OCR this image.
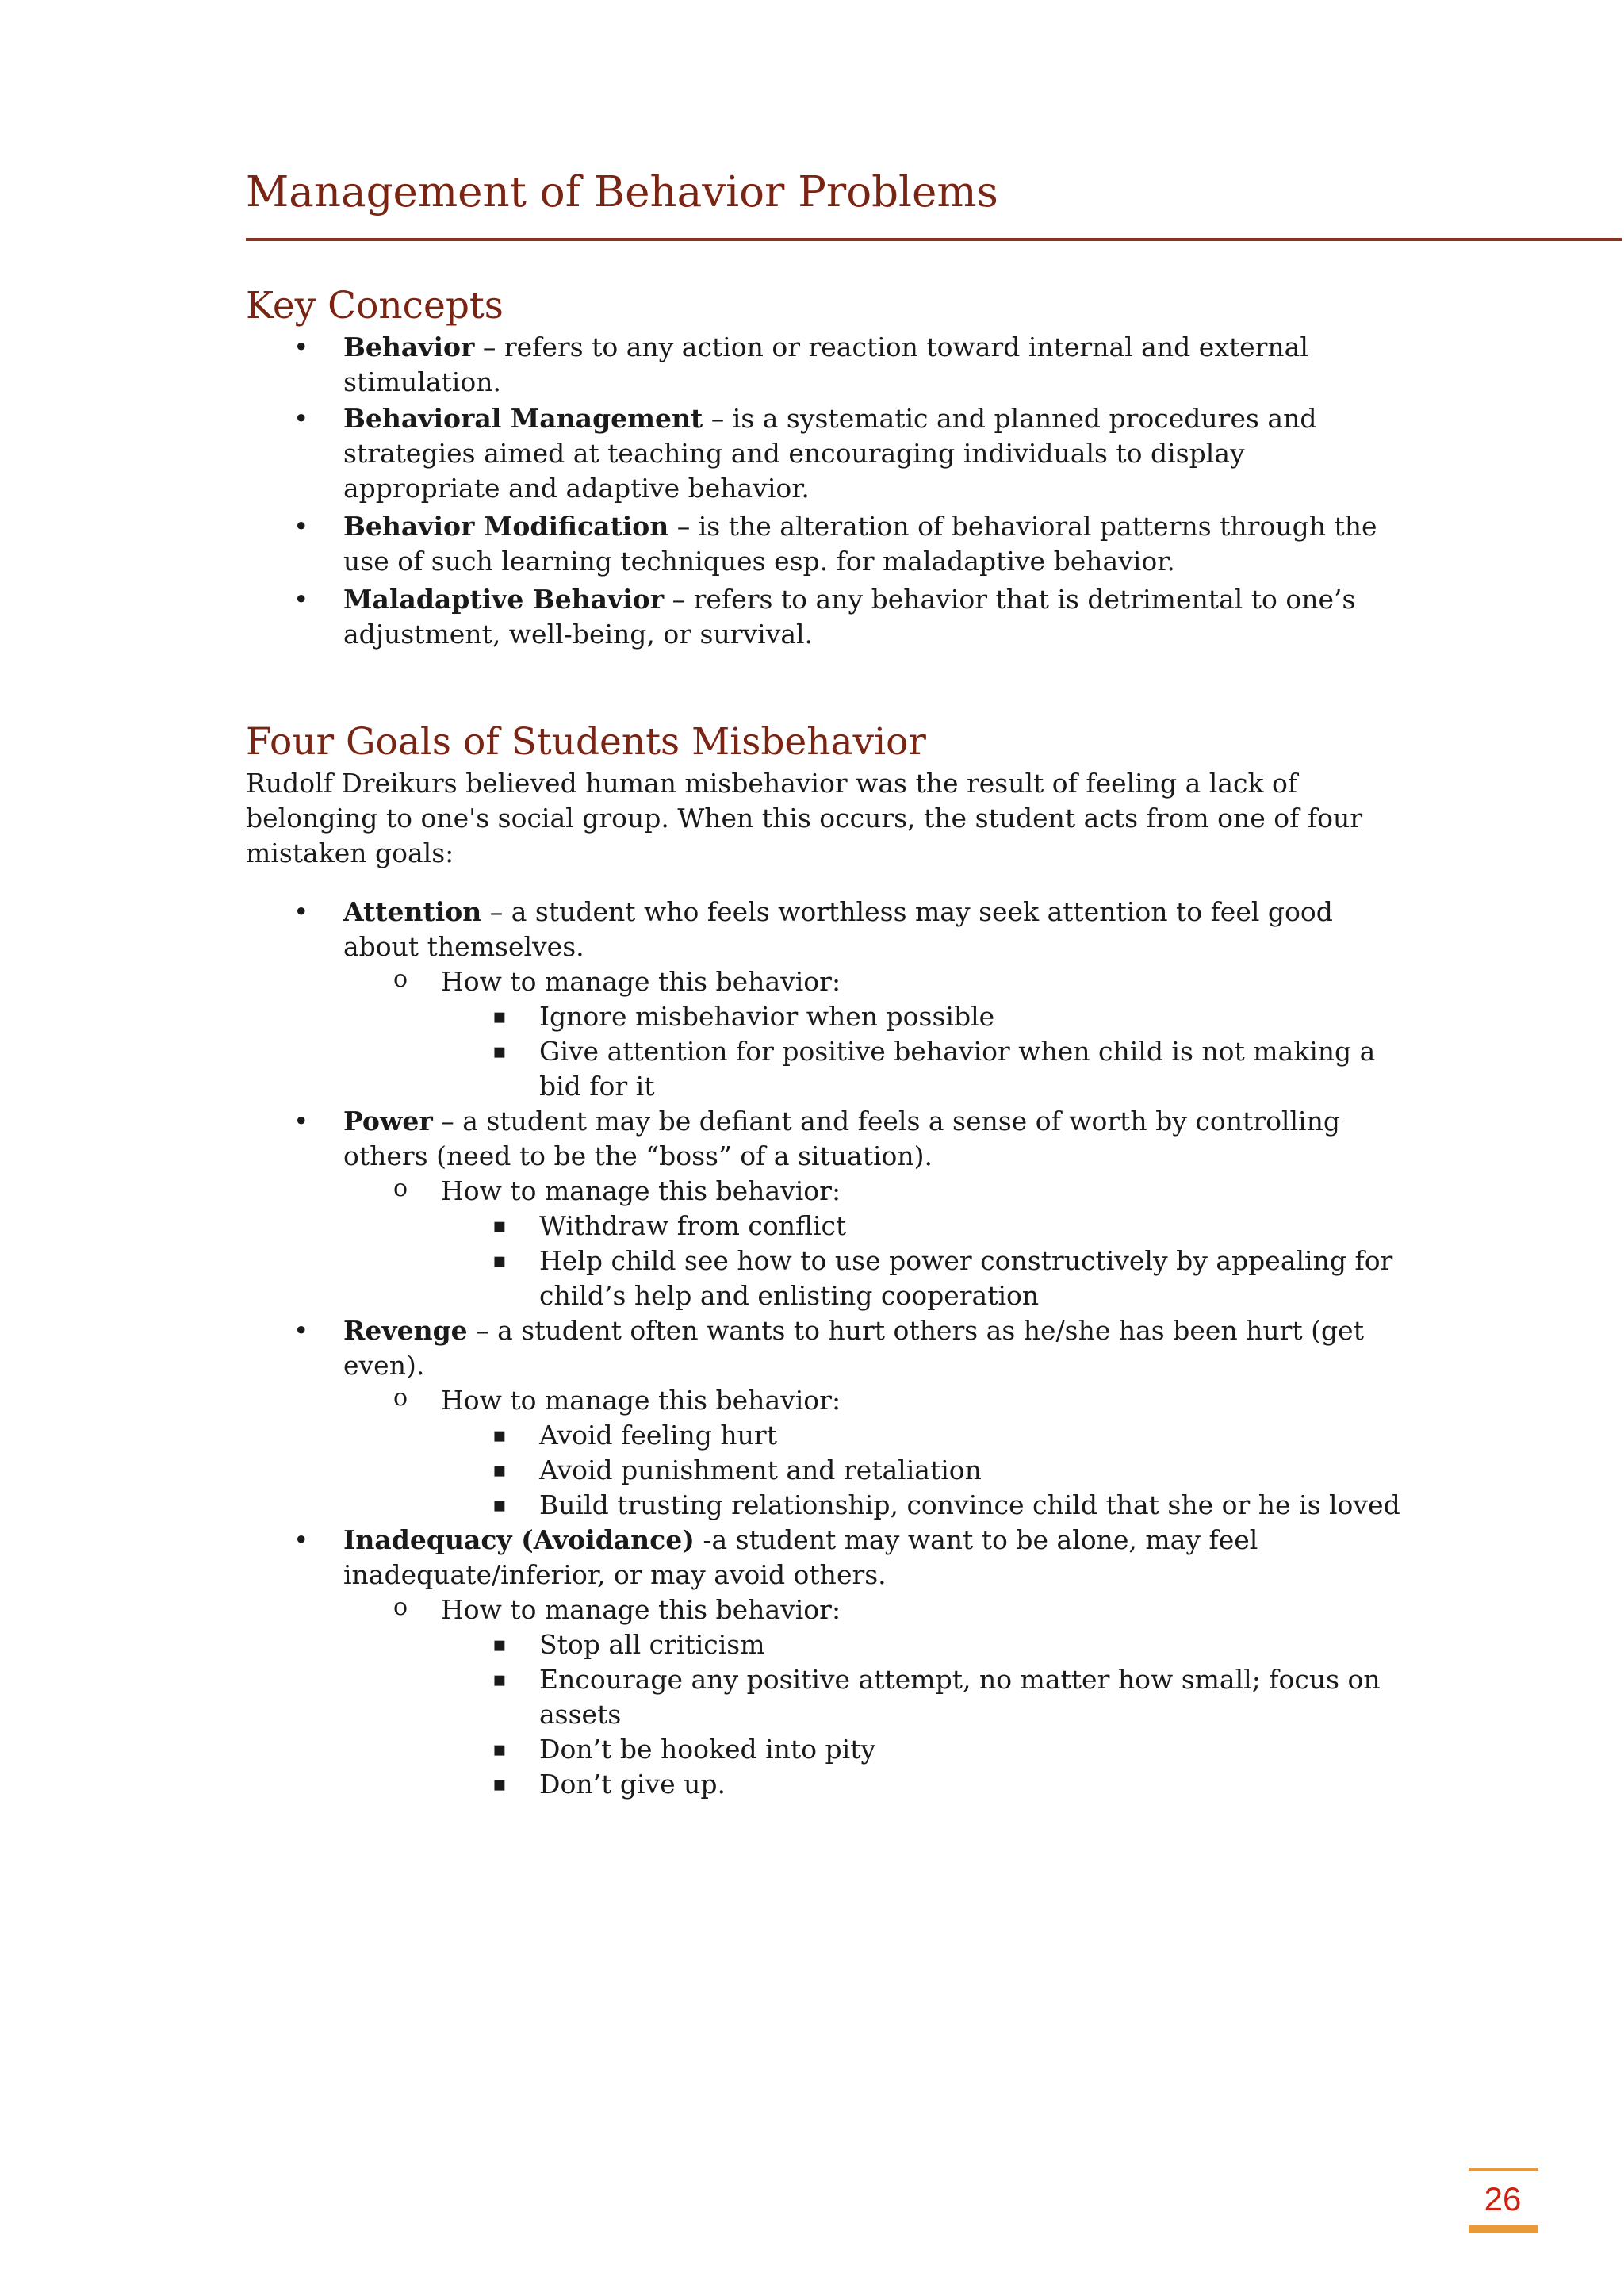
Management of Behavior Problems
Key Concepts
• Behavior – refers to any action or reaction toward internal and external stimulation.
• Behavioral Management – is a systematic and planned procedures and strategies aimed at teaching and encouraging individuals to display appropriate and adaptive behavior.
• Behavior Modification – is the alteration of behavioral patterns through the use of such learning techniques esp. for maladaptive behavior.
• Maladaptive Behavior – refers to any behavior that is detrimental to one’s adjustment, well-being, or survival.
Four Goals of Students Misbehavior

Rudolf Dreikurs believed human misbehavior was the result of feeling a lack of belonging to one's social group. When this occurs, the student acts from one of four mistaken goals:

• Attention – a student who feels worthless may seek attention to feel good about themselves.
o How to manage this behavior:
▪ Ignore misbehavior when possible
▪ Give attention for positive behavior when child is not making a bid for it
• Power – a student may be defiant and feels a sense of worth by controlling others (need to be the “boss” of a situation).
o How to manage this behavior:
▪ Withdraw from conflict
▪ Help child see how to use power constructively by appealing for child’s help and enlisting cooperation
• Revenge – a student often wants to hurt others as he/she has been hurt (get even).
o How to manage this behavior:
▪ Avoid feeling hurt
▪ Avoid punishment and retaliation
▪ Build trusting relationship, convince child that she or he is loved
• Inadequacy (Avoidance) -a student may want to be alone, may feel inadequate/inferior, or may avoid others.
o How to manage this behavior:
▪ Stop all criticism
▪ Encourage any positive attempt, no matter how small; focus on assets
▪ Don’t be hooked into pity
▪ Don’t give up.
26
